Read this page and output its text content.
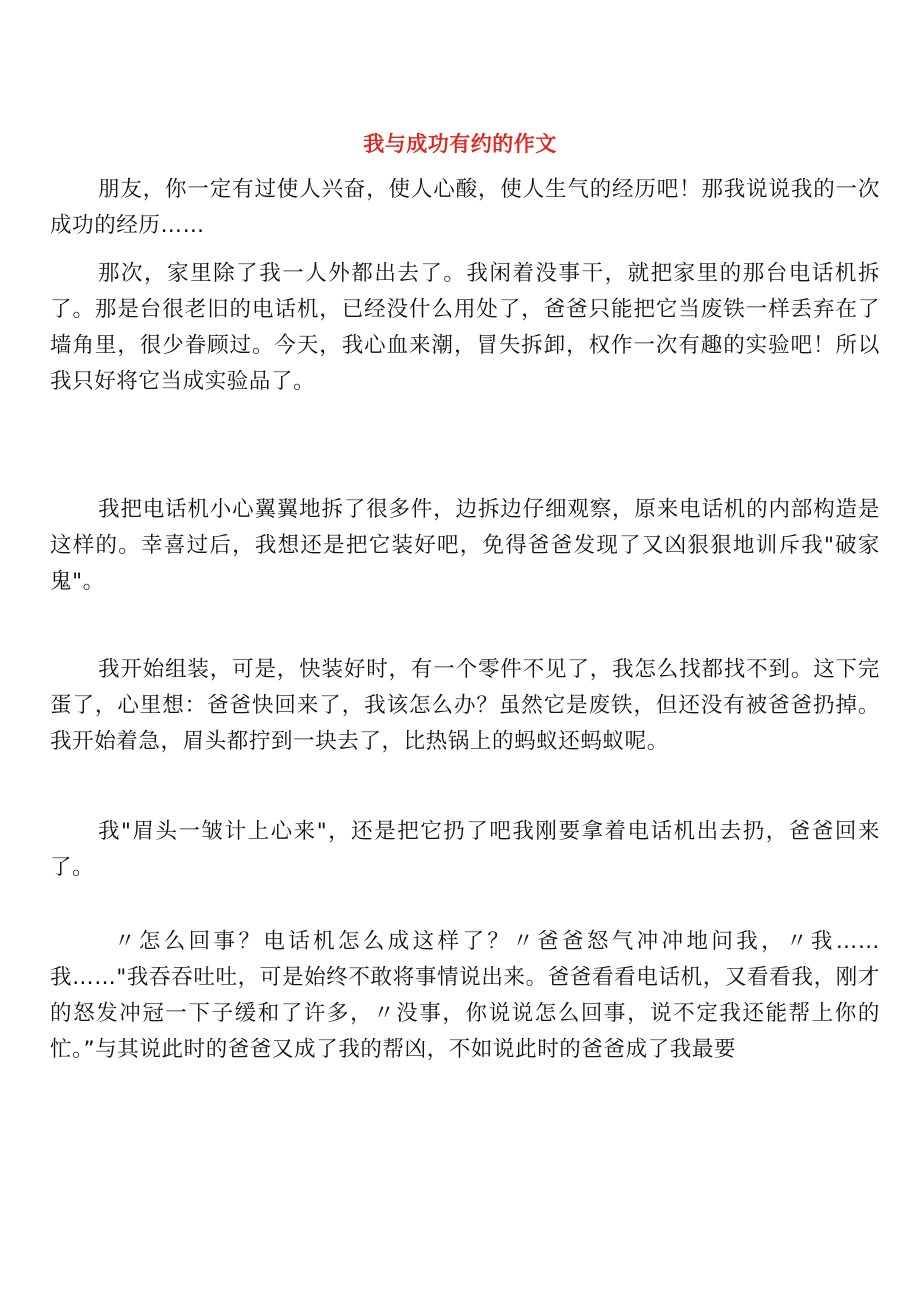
我与成功有约的作文

朋友，你一定有过使人兴奋，使人心酸，使人生气的经历吧！那我说说我的一次成功的经历……

那次，家里除了我一人外都出去了。我闲着没事干，就把家里的那台电话机拆了。那是台很老旧的电话机，已经没什么用处了，爸爸只能把它当废铁一样丢弃在了墙角里，很少眷顾过。今天，我心血来潮，冒失拆卸，权作一次有趣的实验吧！所以我只好将它当成实验品了。

我把电话机小心翼翼地拆了很多件，边拆边仔细观察，原来电话机的内部构造是这样的。幸喜过后，我想还是把它装好吧，免得爸爸发现了又凶狠狠地训斥我"破家鬼"。

我开始组装，可是，快装好时，有一个零件不见了，我怎么找都找不到。这下完蛋了，心里想：爸爸快回来了，我该怎么办？虽然它是废铁，但还没有被爸爸扔掉。我开始着急，眉头都拧到一块去了，比热锅上的蚂蚁还蚂蚁呢。

我"眉头一皱计上心来"，还是把它扔了吧我刚要拿着电话机出去扔，爸爸回来了。

〃怎么回事？电话机怎么成这样了？〃爸爸怒气冲冲地问我，〃我……我……"我吞吞吐吐，可是始终不敢将事情说出来。爸爸看看电话机，又看看我，刚才的怒发冲冠一下子缓和了许多，〃没事，你说说怎么回事，说不定我还能帮上你的忙。”与其说此时的爸爸又成了我的帮凶，不如说此时的爸爸成了我最要
